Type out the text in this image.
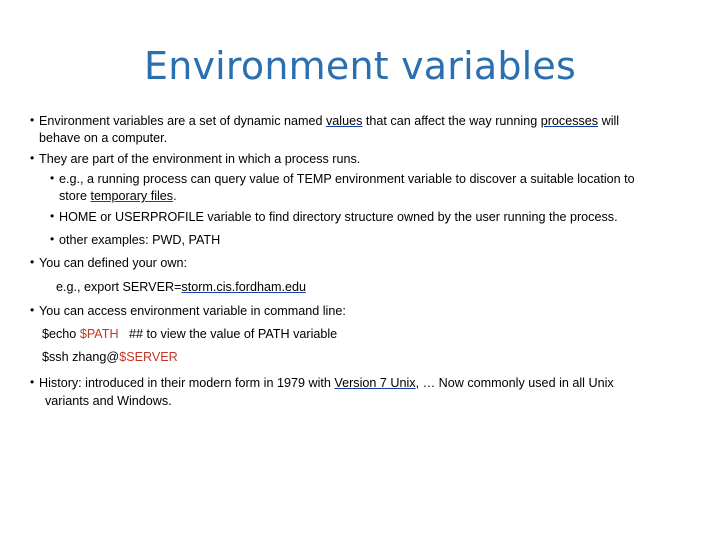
Environment variables
• Environment variables are a set of dynamic named values that can affect the way running processes will
behave on a computer.
• They are part of the environment in which a process runs.
• e.g., a running process can query value of TEMP environment variable to discover a suitable location to
store temporary files.
• HOME or USERPROFILE variable to find directory structure owned by the user running the process.
• other examples: PWD, PATH
• You can defined your own:
e.g., export SERVER=storm.cis.fordham.edu
• You can access environment variable in command line:
$echo $PATH   ## to view the value of PATH variable
$ssh zhang@$SERVER
• History: introduced in their modern form in 1979 with Version 7 Unix, … Now commonly used in all Unix
variants and Windows.
